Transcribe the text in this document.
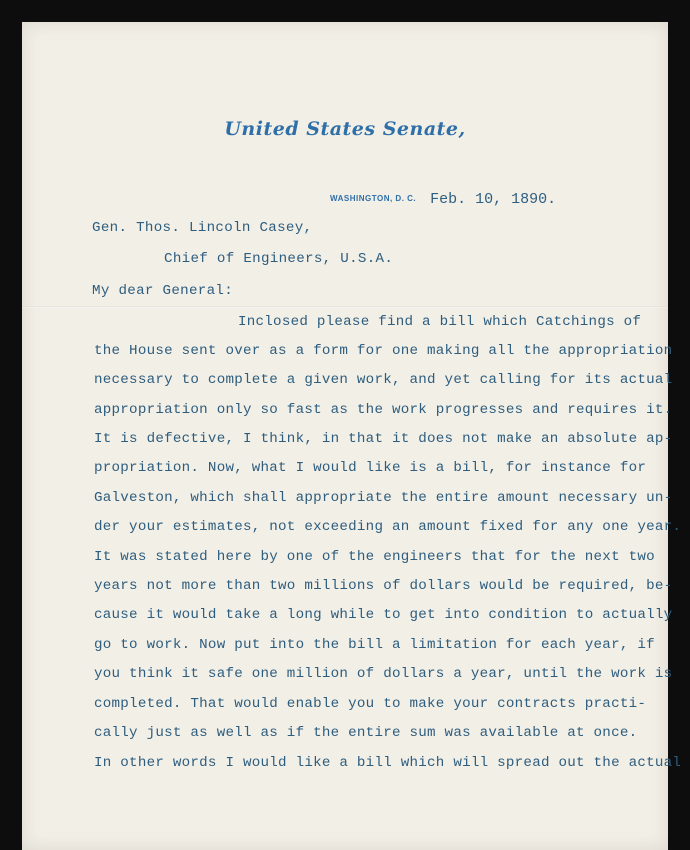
United States Senate,
WASHINGTON, D. C. Feb. 10, 1890.
Gen. Thos. Lincoln Casey,
Chief of Engineers, U.S.A.
My dear General:
Inclosed please find a bill which Catchings of
the House sent over as a form for one making all the appropriation
necessary to complete a given work, and yet calling for its actual
appropriation only so fast as the work progresses and requires it.
It is defective, I think, in that it does not make an absolute ap-
propriation. Now, what I would like is a bill, for instance for
Galveston, which shall appropriate the entire amount necessary un-
der your estimates, not exceeding an amount fixed for any one year.
It was stated here by one of the engineers that for the next two
years not more than two millions of dollars would be required, be-
cause it would take a long while to get into condition to actually
go to work. Now put into the bill a limitation for each year, if
you think it safe one million of dollars a year, until the work is
completed. That would enable you to make your contracts practi-
cally just as well as if the entire sum was available at once.
In other words I would like a bill which will spread out the actual
